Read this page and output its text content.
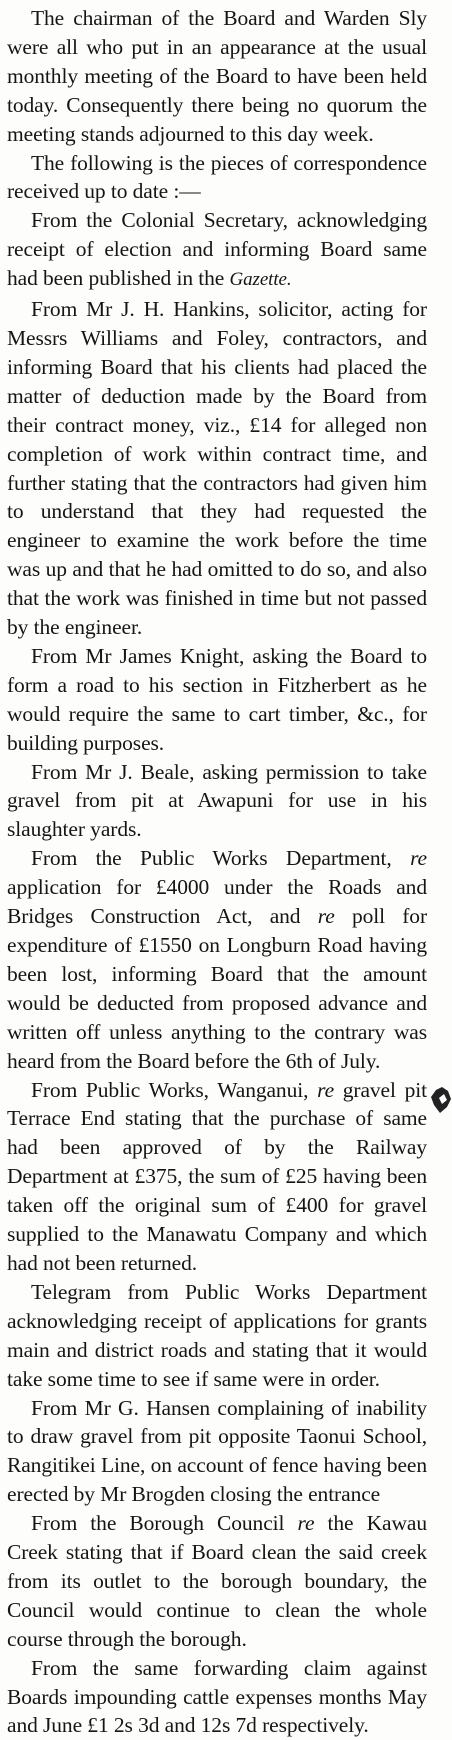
The chairman of the Board and Warden Sly were all who put in an appearance at the usual monthly meeting of the Board to have been held today. Consequently there being no quorum the meeting stands adjourned to this day week.

The following is the pieces of correspondence received up to date :—

From the Colonial Secretary, acknowledging receipt of election and informing Board same had been published in the Gazette.

From Mr J. H. Hankins, solicitor, acting for Messrs Williams and Foley, contractors, and informing Board that his clients had placed the matter of deduction made by the Board from their contract money, viz., £14 for alleged non completion of work within contract time, and further stating that the contractors had given him to understand that they had requested the engineer to examine the work before the time was up and that he had omitted to do so, and also that the work was finished in time but not passed by the engineer.

From Mr James Knight, asking the Board to form a road to his section in Fitzherbert as he would require the same to cart timber, &c., for building purposes.

From Mr J. Beale, asking permission to take gravel from pit at Awapuni for use in his slaughter yards.

From the Public Works Department, re application for £4000 under the Roads and Bridges Construction Act, and re poll for expenditure of £1550 on Longburn Road having been lost, informing Board that the amount would be deducted from proposed advance and written off unless anything to the contrary was heard from the Board before the 6th of July.

From Public Works, Wanganui, re gravel pit Terrace End stating that the purchase of same had been approved of by the Railway Department at £375, the sum of £25 having been taken off the original sum of £400 for gravel supplied to the Manawatu Company and which had not been returned.

Telegram from Public Works Department acknowledging receipt of applications for grants main and district roads and stating that it would take some time to see if same were in order.

From Mr G. Hansen complaining of inability to draw gravel from pit opposite Taonui School, Rangitikei Line, on account of fence having been erected by Mr Brogden closing the entrance

From the Borough Council re the Kawau Creek stating that if Board clean the said creek from its outlet to the borough boundary, the Council would continue to clean the whole course through the borough.

From the same forwarding claim against Boards impounding cattle expenses months May and June £1 2s 3d and 12s 7d respectively.
